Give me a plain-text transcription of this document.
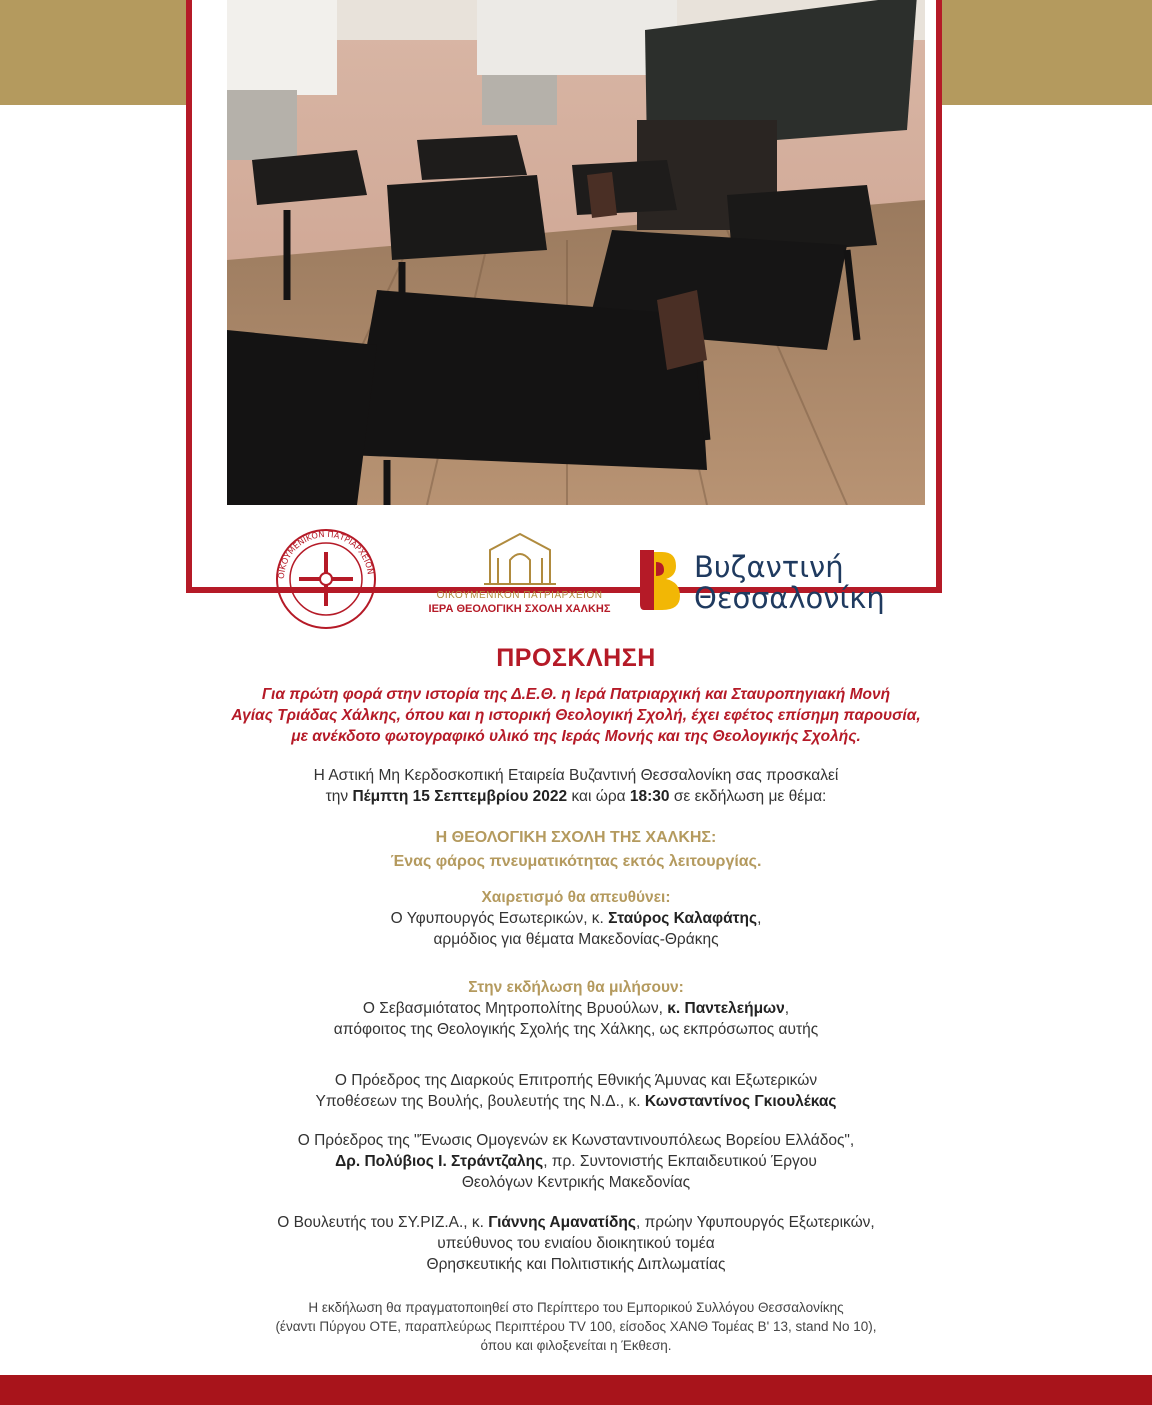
ΟΙΚΟΥΜΕΝΙΚΟΝ ΠΑΤΡΙΑΡΧΕΙΟΝ
ΟΙΚΟΥΜΕΝΙΚΟΝ ΠΑΤΡΙΑΡΧΕΙΟΝ
ΙΕΡΑ ΘΕΟΛΟΓΙΚΗ ΣΧΟΛΗ ΧΑΛΚΗΣ
Βυζαντινή
Θεσσαλονίκη
ΠΡΟΣΚΛΗΣΗ
Για πρώτη φορά στην ιστορία της Δ.Ε.Θ. η Ιερά Πατριαρχική και Σταυροπηγιακή Μονή
Αγίας Τριάδας Χάλκης, όπου και η ιστορική Θεολογική Σχολή, έχει εφέτος επίσημη παρουσία,
με ανέκδοτο φωτογραφικό υλικό της Ιεράς Μονής και της Θεολογικής Σχολής.
Η Αστική Μη Κερδοσκοπική Εταιρεία Βυζαντινή Θεσσαλονίκη σας προσκαλεί
την Πέμπτη 15 Σεπτεμβρίου 2022 και ώρα 18:30 σε εκδήλωση με θέμα:
Η ΘΕΟΛΟΓΙΚΗ ΣΧΟΛΗ ΤΗΣ ΧΑΛΚΗΣ:
Ένας φάρος πνευματικότητας εκτός λειτουργίας.
Χαιρετισμό θα απευθύνει:
Ο Υφυπουργός Εσωτερικών, κ. Σταύρος Καλαφάτης,
αρμόδιος για θέματα Μακεδονίας-Θράκης
Στην εκδήλωση θα μιλήσουν:
Ο Σεβασμιότατος Μητροπολίτης Βρυούλων, κ. Παντελεήμων,
απόφοιτος της Θεολογικής Σχολής της Χάλκης, ως εκπρόσωπος αυτής
Ο Πρόεδρος της Διαρκούς Επιτροπής Εθνικής Άμυνας και Εξωτερικών
Υποθέσεων της Βουλής, βουλευτής της Ν.Δ., κ. Κωνσταντίνος Γκιουλέκας
Ο Πρόεδρος της "Ένωσις Ομογενών εκ Κωνσταντινουπόλεως Βορείου Ελλάδος",
Δρ. Πολύβιος Ι. Στράντζαλης, πρ. Συντονιστής Εκπαιδευτικού Έργου
Θεολόγων Κεντρικής Μακεδονίας
Ο Βουλευτής του ΣΥ.ΡΙΖ.Α., κ. Γιάννης Αμανατίδης, πρώην Υφυπουργός Εξωτερικών,
υπεύθυνος του ενιαίου διοικητικού τομέα
Θρησκευτικής και Πολιτιστικής Διπλωματίας
Η εκδήλωση θα πραγματοποιηθεί στο Περίπτερο του Εμπορικού Συλλόγου Θεσσαλονίκης
(έναντι Πύργου ΟΤΕ, παραπλεύρως Περιπτέρου TV 100, είσοδος ΧΑΝΘ Τομέας Β' 13, stand No 10),
όπου και φιλοξενείται η Έκθεση.
